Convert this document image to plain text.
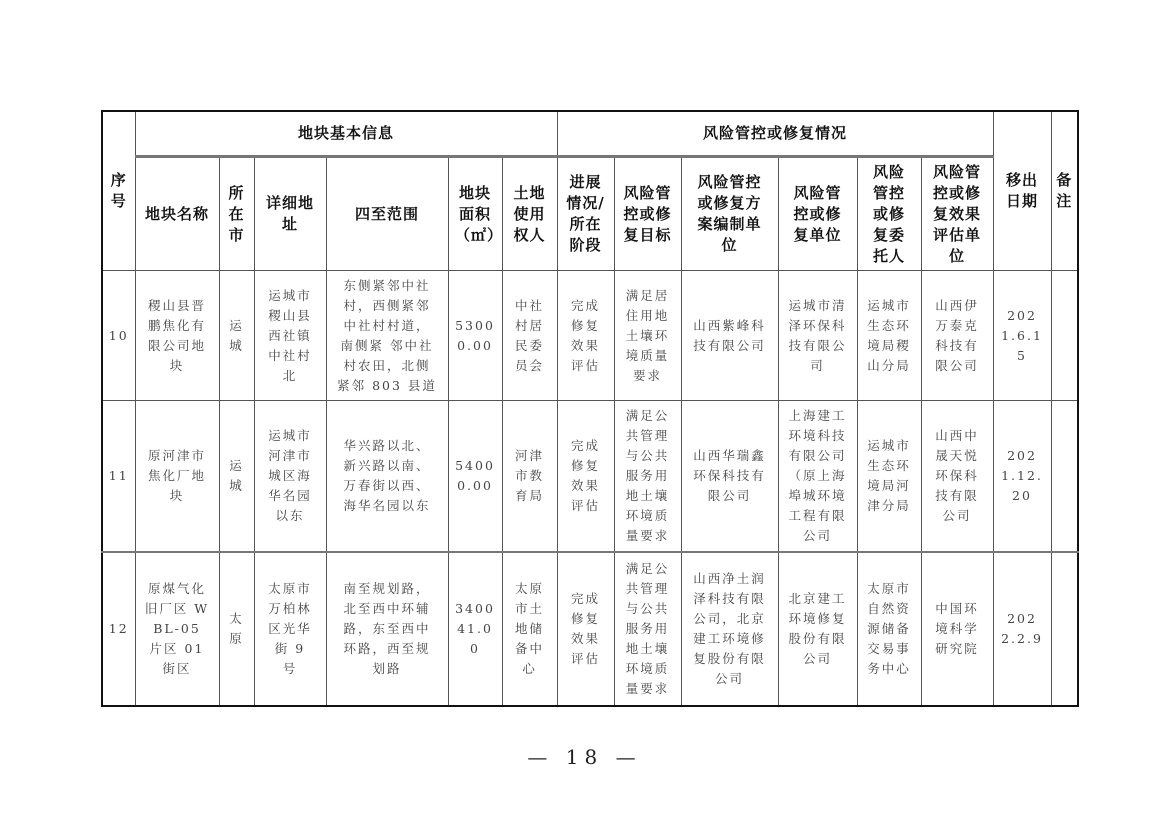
序号	地块基本信息						风险管控或修复情况						移出日期	备注

	地块名称	所在市	详细地址	四至范围	地块面积（㎡）	土地使用权人	进展情况/所在阶段	风险管控或修复目标	风险管控或修复方案编制单位	风险管控或修复单位	风险管控或修复委托人	风险管控或修复效果评估单位		

10	稷山县晋鹏焦化有限公司地块	运城	运城市稷山县西社镇中社村北	东侧紧邻中社村，西侧紧邻中社村村道，南侧紧 邻中社村农田，北侧紧邻 803 县道	53000.00	中社村居民委员会	完成修复效果评估	满足居住用地土壤环境质量要求	山西紫峰科技有限公司	运城市清泽环保科技有限公司	运城市生态环境局稷山分局	山西伊万泰克科技有限公司	2021.6.15	

11	原河津市焦化厂地块	运城	运城市河津市城区海华名园以东	华兴路以北、新兴路以南、万春街以西、海华名园以东	54000.00	河津市教育局	完成修复效果评估	满足公共管理与公共服务用地土壤环境质量要求	山西华瑞鑫环保科技有限公司	上海建工环境科技有限公司（原上海埠城环境工程有限公司	运城市生态环境局河津分局	山西中晟天悦环保科技有限公司	2021.12.20	

12	原煤气化旧厂区 WBL-05 片区 01 街区	太原	太原市万柏林区光华街 9 号	南至规划路，北至西中环辅路，东至西中环路，西至规划路	340041.00	太原市土地储备中心	完成修复效果评估	满足公共管理与公共服务用地土壤环境质量要求	山西净土润泽科技有限公司，北京建工环境修复股份有限公司	北京建工环境修复股份有限公司	太原市自然资源储备交易事务中心	中国环境科学研究院	2022.2.9	

— 18 —
